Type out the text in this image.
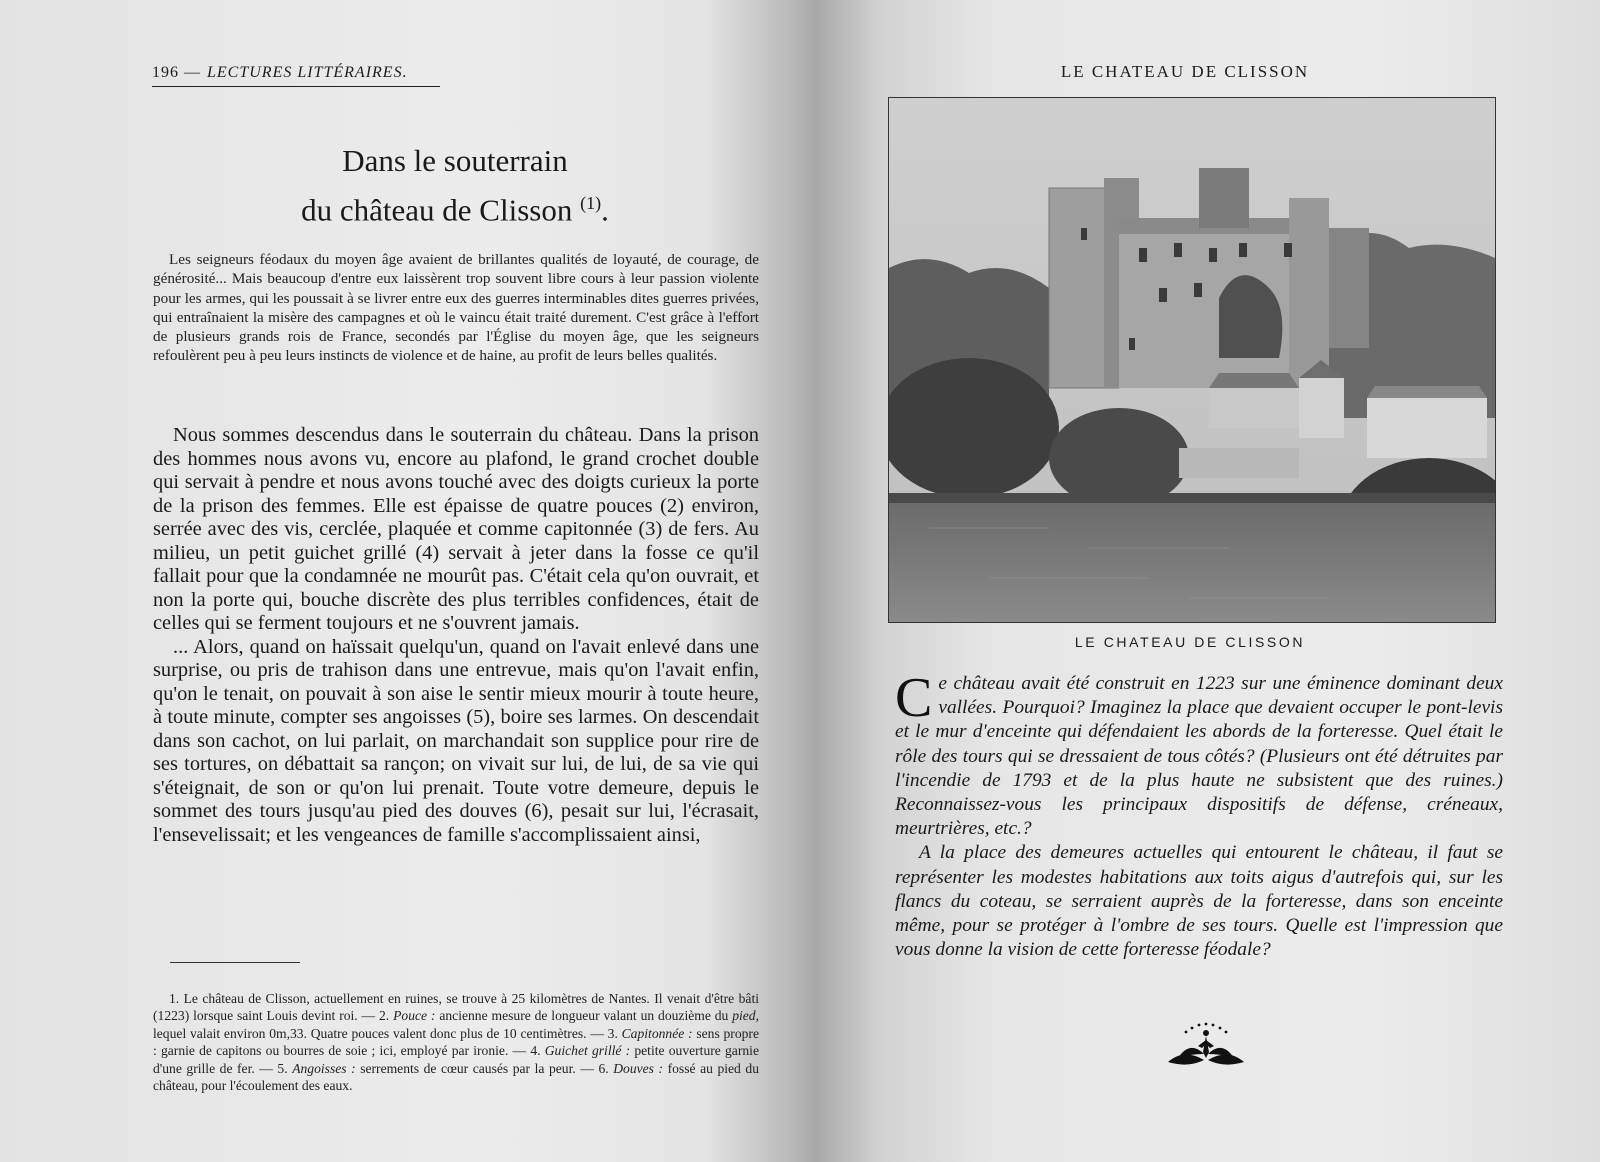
196 — LECTURES LITTÉRAIRES.
Dans le souterrain
du château de Clisson $^{(1)}$.

Les seigneurs féodaux du moyen âge avaient de brillantes qualités de loyauté, de courage, de générosité... Mais beaucoup d'entre eux laissèrent trop souvent libre cours à leur passion violente pour les armes, qui les poussait à se livrer entre eux des guerres interminables dites guerres privées, qui entraînaient la misère des campagnes et où le vaincu était traité durement. C'est grâce à l'effort de plusieurs grands rois de France, secondés par l'Église du moyen âge, que les seigneurs refoulèrent peu à peu leurs instincts de violence et de haine, au profit de leurs belles qualités.

Nous sommes descendus dans le souterrain du château. Dans la prison des hommes nous avons vu, encore au plafond, le grand crochet double qui servait à pendre et nous avons touché avec des doigts curieux la porte de la prison des femmes. Elle est épaisse de quatre pouces (2) environ, serrée avec des vis, cerclée, plaquée et comme capitonnée (3) de fers. Au milieu, un petit guichet grillé (4) servait à jeter dans la fosse ce qu'il fallait pour que la condamnée ne mourût pas. C'était cela qu'on ouvrait, et non la porte qui, bouche discrète des plus terribles confidences, était de celles qui se ferment toujours et ne s'ouvrent jamais.

... Alors, quand on haïssait quelqu'un, quand on l'avait enlevé dans une surprise, ou pris de trahison dans une entrevue, mais qu'on l'avait enfin, qu'on le tenait, on pouvait à son aise le sentir mieux mourir à toute heure, à toute minute, compter ses angoisses (5), boire ses larmes. On descendait dans son cachot, on lui parlait, on marchandait son supplice pour rire de ses tortures, on débattait sa rançon; on vivait sur lui, de lui, de sa vie qui s'éteignait, de son or qu'on lui prenait. Toute votre demeure, depuis le sommet des tours jusqu'au pied des douves (6), pesait sur lui, l'écrasait, l'ensevelissait; et les vengeances de famille s'accomplissaient ainsi,

1. Le château de Clisson, actuellement en ruines, se trouve à 25 kilomètres de Nantes. Il venait d'être bâti (1223) lorsque saint Louis devint roi. — 2. Pouce : ancienne mesure de longueur valant un douzième du pied, lequel valait environ 0m,33. Quatre pouces valent donc plus de 10 centimètres. — 3. Capitonnée : sens propre : garnie de capitons ou bourres de soie ; ici, employé par ironie. — 4. Guichet grillé : petite ouverture garnie d'une grille de fer. — 5. Angoisses : serrements de cœur causés par la peur. — 6. Douves : fossé au pied du château, pour l'écoulement des eaux.

LE CHATEAU DE CLISSON
LE CHATEAU DE CLISSON

Ce château avait été construit en 1223 sur une éminence dominant deux vallées. Pourquoi? Imaginez la place que devaient occuper le pont-levis et le mur d'enceinte qui défendaient les abords de la forteresse. Quel était le rôle des tours qui se dressaient de tous côtés? (Plusieurs ont été détruites par l'incendie de 1793 et de la plus haute ne subsistent que des ruines.) Reconnaissez-vous les principaux dispositifs de défense, créneaux, meurtrières, etc.?

A la place des demeures actuelles qui entourent le château, il faut se représenter les modestes habitations aux toits aigus d'autrefois qui, sur les flancs du coteau, se serraient auprès de la forteresse, dans son enceinte même, pour se protéger à l'ombre de ses tours. Quelle est l'impression que vous donne la vision de cette forteresse féodale?
